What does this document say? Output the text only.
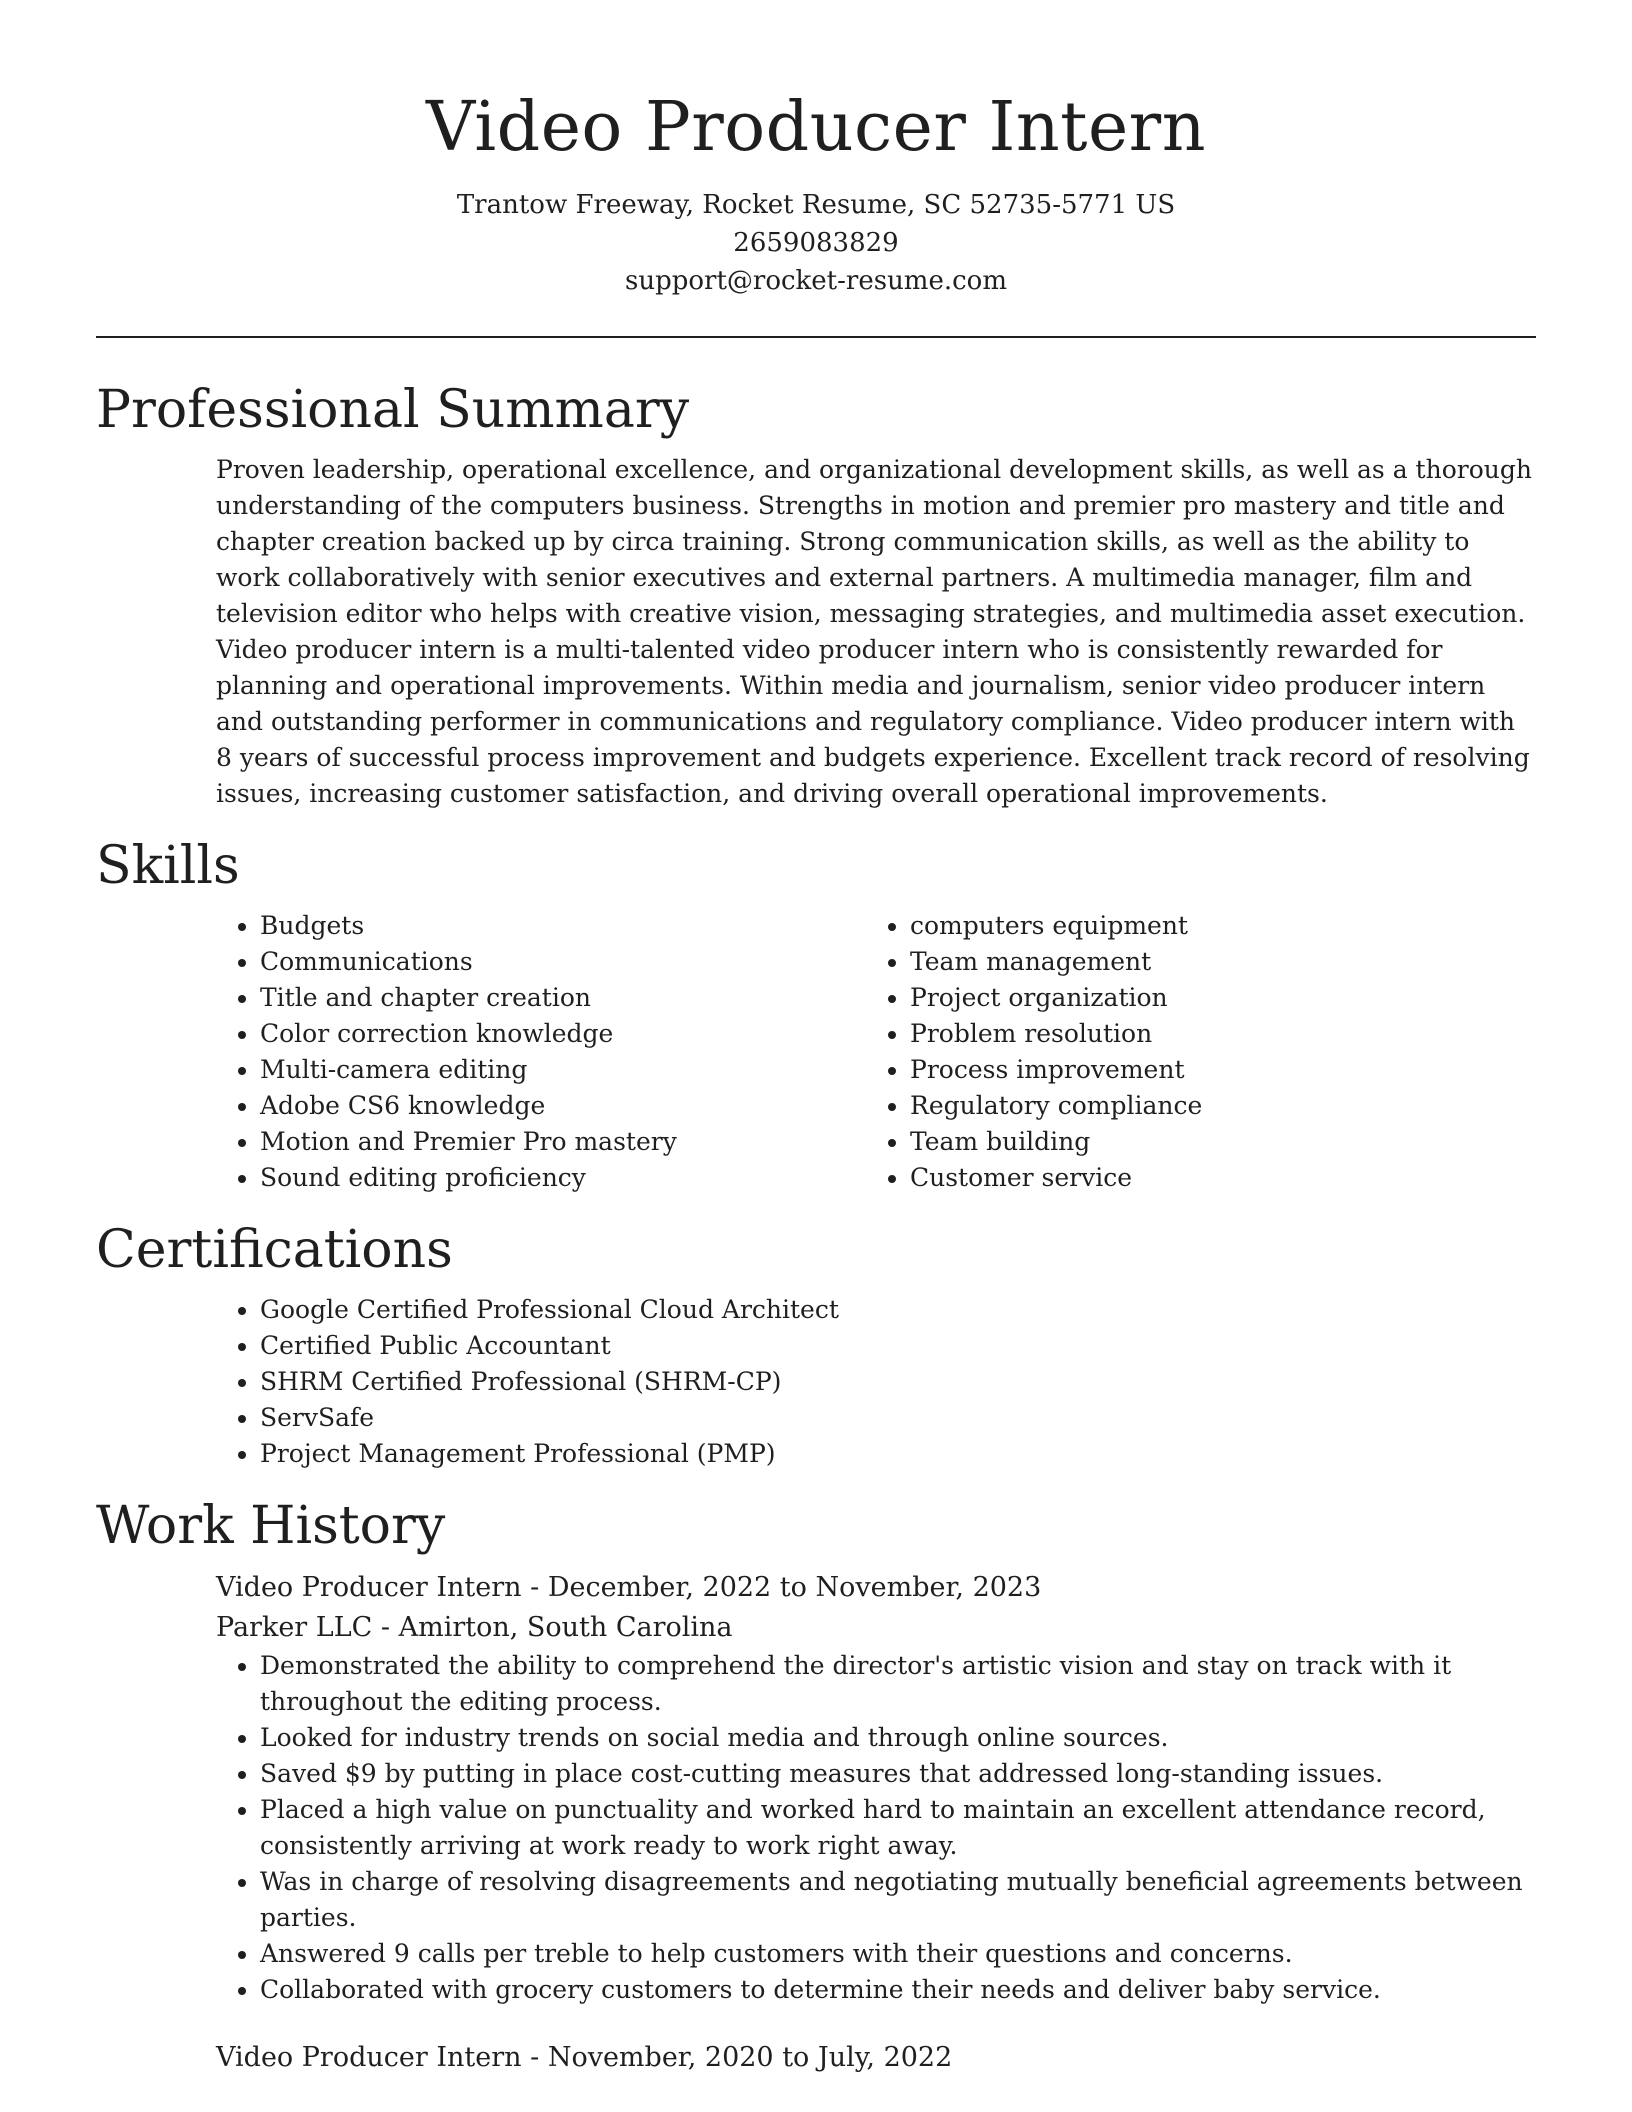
Video Producer Intern

Trantow Freeway, Rocket Resume, SC 52735-5771 US

2659083829

support@rocket-resume.com

Professional Summary

Proven leadership, operational excellence, and organizational development skills, as well as a thorough understanding of the computers business. Strengths in motion and premier pro mastery and title and chapter creation backed up by circa training. Strong communication skills, as well as the ability to work collaboratively with senior executives and external partners. A multimedia manager, film and television editor who helps with creative vision, messaging strategies, and multimedia asset execution. Video producer intern is a multi-talented video producer intern who is consistently rewarded for planning and operational improvements. Within media and journalism, senior video producer intern and outstanding performer in communications and regulatory compliance. Video producer intern with 8 years of successful process improvement and budgets experience. Excellent track record of resolving issues, increasing customer satisfaction, and driving overall operational improvements.

Skills
• Budgets
• Communications
• Title and chapter creation
• Color correction knowledge
• Multi-camera editing
• Adobe CS6 knowledge
• Motion and Premier Pro mastery
• Sound editing proficiency
• computers equipment
• Team management
• Project organization
• Problem resolution
• Process improvement
• Regulatory compliance
• Team building
• Customer service
Certifications
• Google Certified Professional Cloud Architect
• Certified Public Accountant
• SHRM Certified Professional (SHRM-CP)
• ServSafe
• Project Management Professional (PMP)
Work History

Video Producer Intern - December, 2022 to November, 2023

Parker LLC - Amirton, South Carolina

• Demonstrated the ability to comprehend the director's artistic vision and stay on track with it throughout the editing process.
• Looked for industry trends on social media and through online sources.
• Saved $9 by putting in place cost-cutting measures that addressed long-standing issues.
• Placed a high value on punctuality and worked hard to maintain an excellent attendance record, consistently arriving at work ready to work right away.
• Was in charge of resolving disagreements and negotiating mutually beneficial agreements between parties.
• Answered 9 calls per treble to help customers with their questions and concerns.
• Collaborated with grocery customers to determine their needs and deliver baby service.

Video Producer Intern - November, 2020 to July, 2022
